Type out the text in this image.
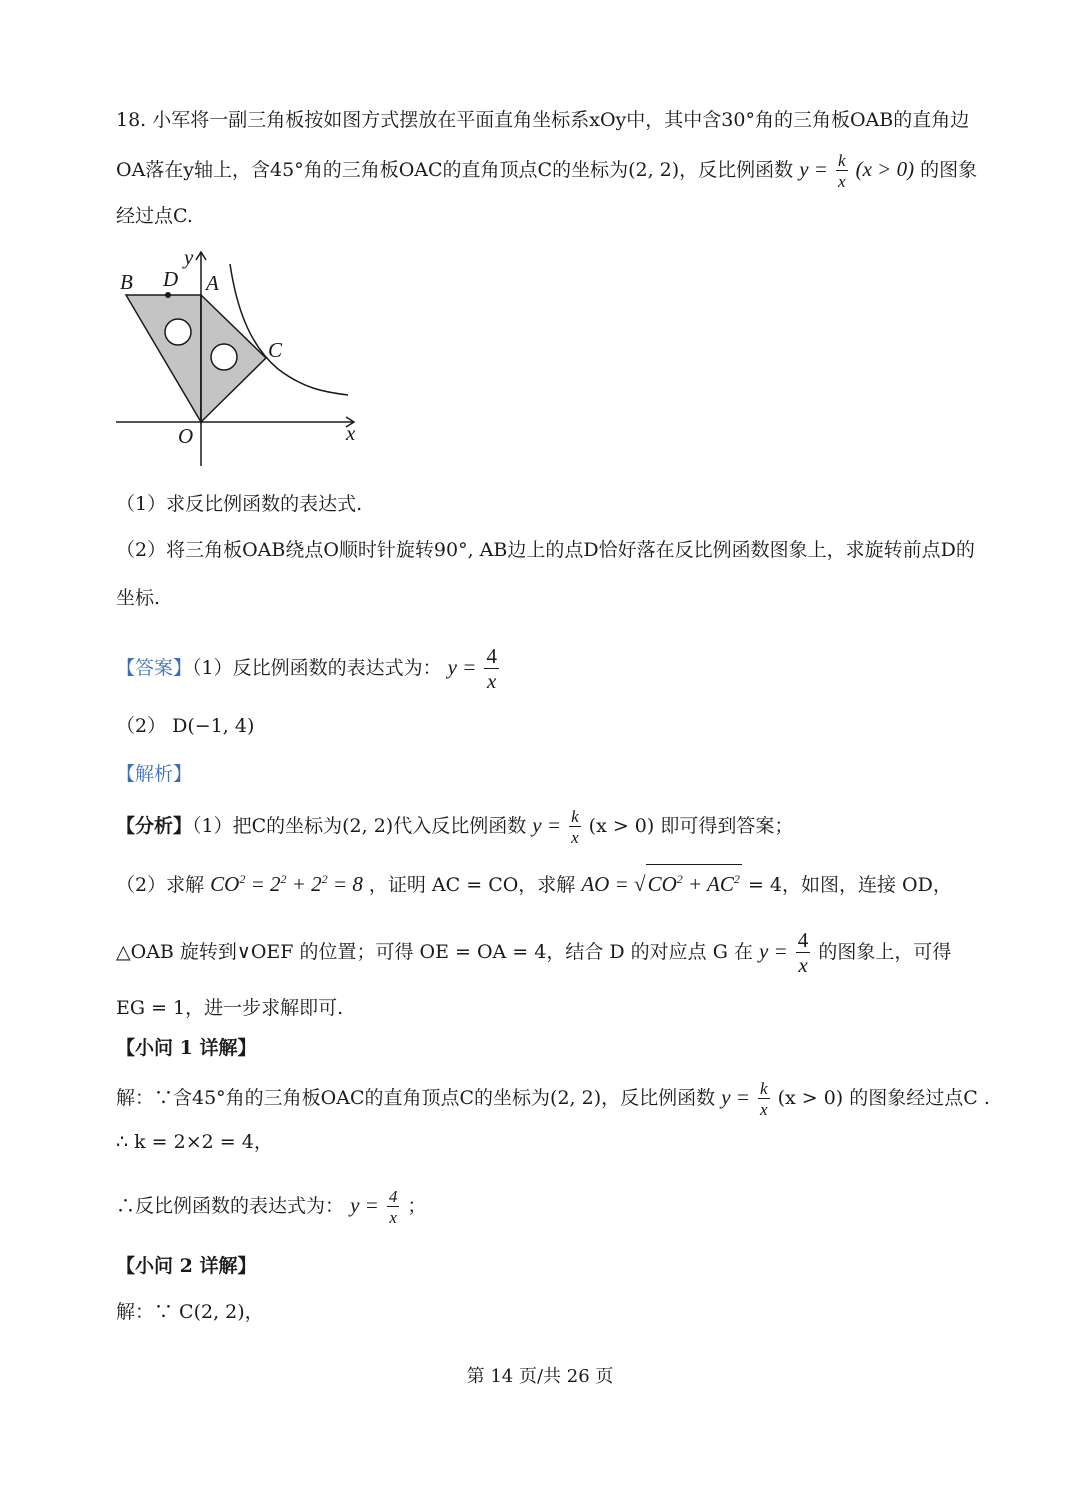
18. 小军将一副三角板按如图方式摆放在平面直角坐标系xOy中，其中含30°角的三角板OAB的直角边
OA落在y轴上，含45°角的三角板OAC的直角顶点C的坐标为(2, 2)，反比例函数 $y = \frac{k}{x} (x > 0)$ 的图象
经过点C.
y
B D A
C
O	x
（1）求反比例函数的表达式.
（2）将三角板OAB绕点O顺时针旋转90°, AB边上的点D恰好落在反比例函数图象上，求旋转前点D的
坐标.
【答案】（1）反比例函数的表达式为： $y = \frac{4}{x}$
（2） D(−1, 4)
【解析】
【分析】（1）把C的坐标为(2, 2)代入反比例函数 $y = \frac{k}{x} (x > 0)$ 即可得到答案；
（2）求解 $CO^2 = 2^2 + 2^2 = 8$ ，证明 AC = CO，求解 AO = $√CO^2 + AC^2 = 4$，如图，连接 OD，
△OAB 旋转到∨OEF 的位置；可得 OE = OA = 4，结合 D 的对应点 G 在 $y = \frac{4}{x}$ 的图象上，可得
EG = 1，进一步求解即可.
【小问 1 详解】
解：∵含45°角的三角板OAC的直角顶点C的坐标为(2, 2)，反比例函数 $y = \frac{k}{x} (x > 0)$ 的图象经过点C .
∴ k = 2×2 = 4，
∴反比例函数的表达式为： $y = \frac{4}{x}$ ；
【小问 2 详解】
解：∵ C(2, 2)，
第 14 页/共 26 页
